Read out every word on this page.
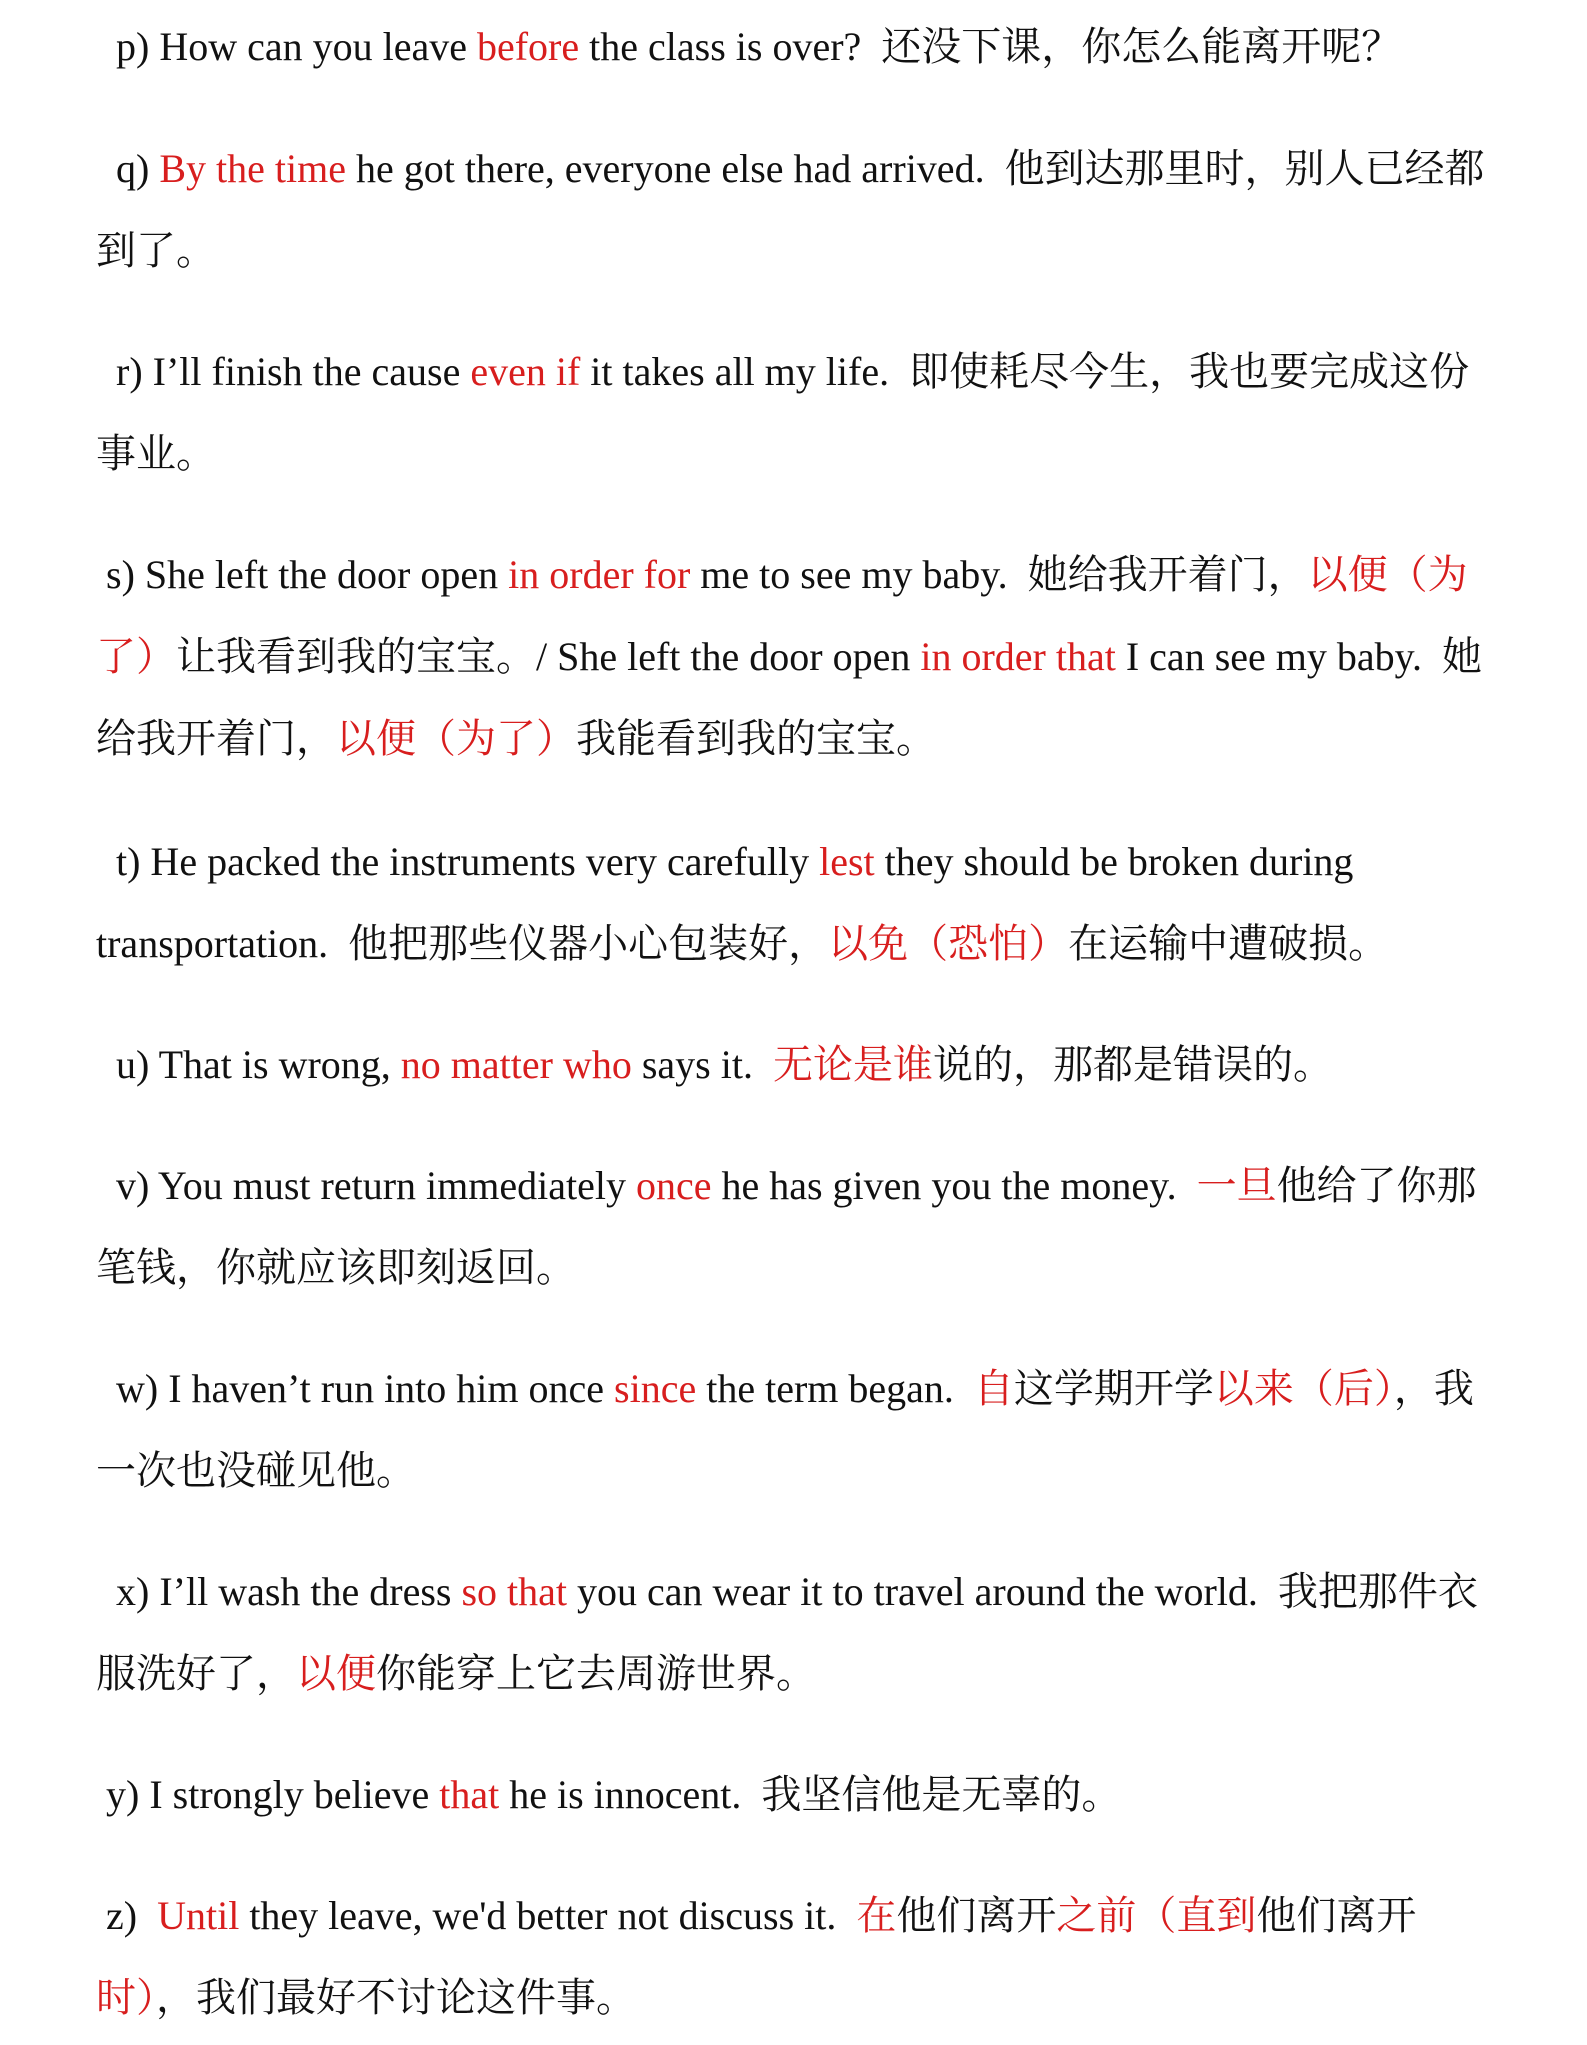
p) How can you leave before the class is over?  还没下课，你怎么能离开呢？

q) By the time he got there, everyone else had arrived.  他到达那里时，别人已经都到了。

r) I’ll finish the cause even if it takes all my life.  即使耗尽今生，我也要完成这份事业。

s) She left the door open in order for me to see my baby.  她给我开着门，以便（为了）让我看到我的宝宝。/ She left the door open in order that I can see my baby.  她给我开着门，以便（为了）我能看到我的宝宝。

t) He packed the instruments very carefully lest they should be broken during transportation.  他把那些仪器小心包装好，以免（恐怕）在运输中遭破损。

u) That is wrong, no matter who says it.  无论是谁说的，那都是错误的。

v) You must return immediately once he has given you the money.  一旦他给了你那笔钱，你就应该即刻返回。

w) I haven’t run into him once since the term began.  自这学期开学以来（后），我一次也没碰见他。

x) I’ll wash the dress so that you can wear it to travel around the world.  我把那件衣服洗好了，以便你能穿上它去周游世界。

y) I strongly believe that he is innocent.  我坚信他是无辜的。

z)  Until they leave, we'd better not discuss it.  在他们离开之前（直到他们离开时），我们最好不讨论这件事。
